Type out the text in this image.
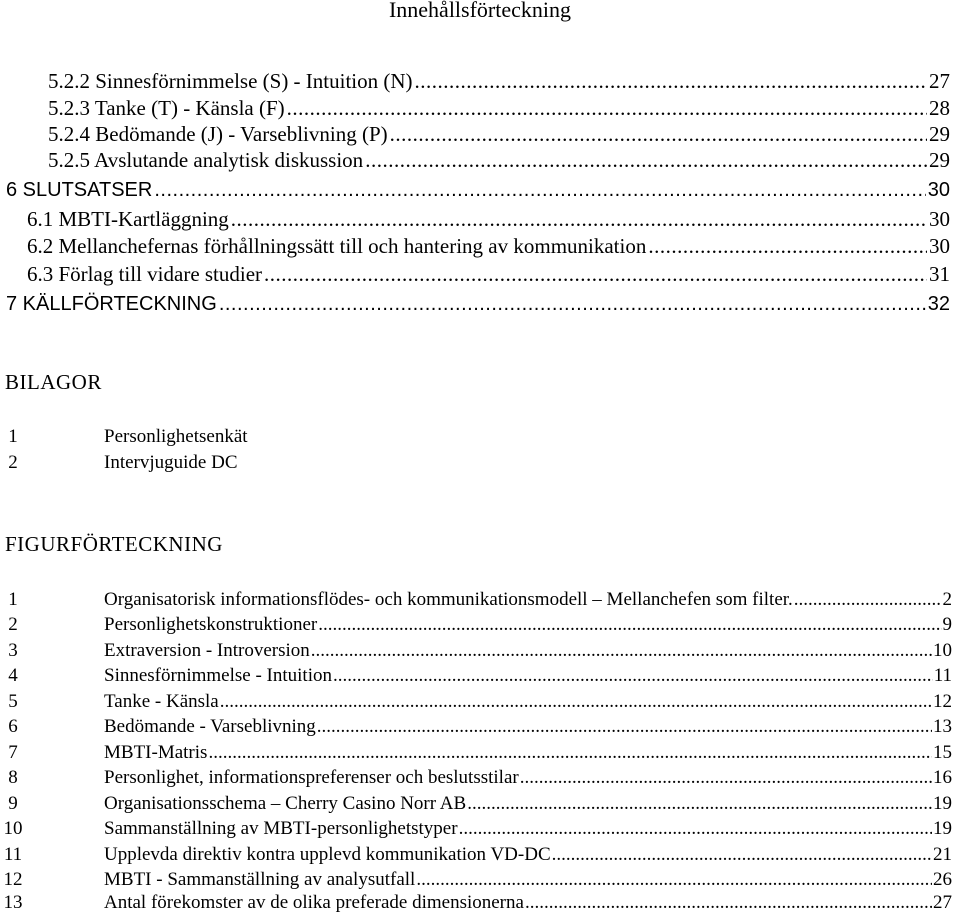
Innehållsförteckning
5.2.2 Sinnesförnimmelse (S) - Intuition (N) .....	27
5.2.3 Tanke (T) - Känsla (F) .....	28
5.2.4 Bedömande (J) - Varseblivning (P) .....	29
5.2.5 Avslutande analytisk diskussion .....	29
6 SLUTSATSER .....	30
6.1 MBTI-Kartläggning .....	30
6.2 Mellanchefernas förhållningssätt till och hantering av kommunikation .....	30
6.3 Förlag till vidare studier .....	31
7 KÄLLFÖRTECKNING .....	32
BILAGOR
1	Personlighetsenkät
2	Intervjuguide DC
FIGURFÖRTECKNING
1	Organisatorisk informationsflödes- och kommunikationsmodell – Mellanchefen som filter. .....	2
2	Personlighetskonstruktioner .....	9
3	Extraversion - Introversion .....	10
4	Sinnesförnimmelse - Intuition .....	11
5	Tanke - Känsla .....	12
6	Bedömande - Varseblivning .....	13
7	MBTI-Matris .....	15
8	Personlighet, informationspreferenser och beslutsstilar .....	16
9	Organisationsschema – Cherry Casino Norr AB .....	19
10	Sammanställning av MBTI-personlighetstyper .....	19
11	Upplevda direktiv kontra upplevd kommunikation VD-DC .....	21
12	MBTI - Sammanställning av analysutfall .....	26
13	Antal förekomster av de olika preferade dimensionerna .....	27
